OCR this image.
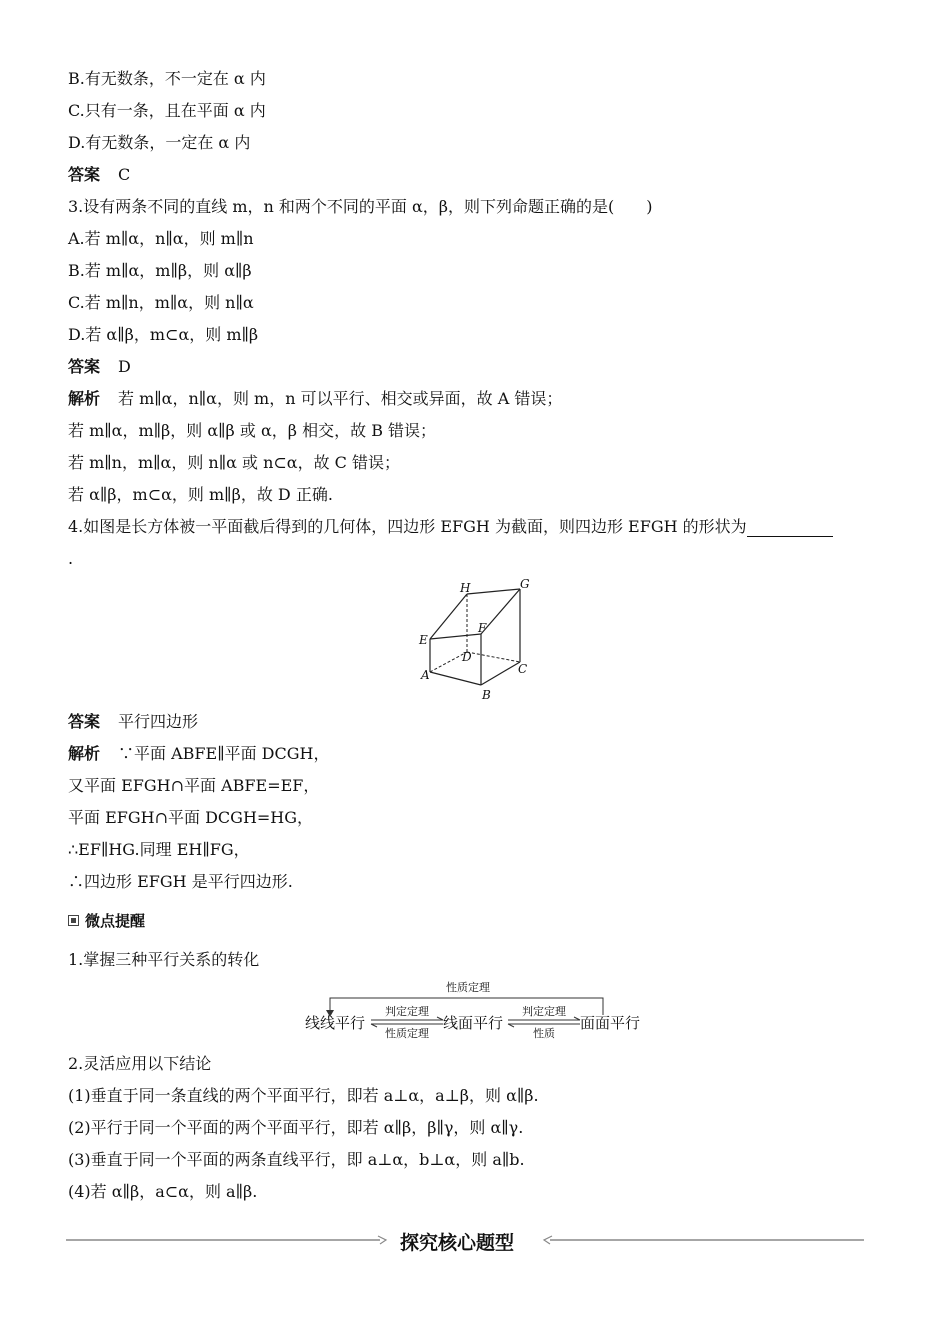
B.有无数条，不一定在 α 内
C.只有一条，且在平面 α 内
D.有无数条，一定在 α 内
答案 C
3.设有两条不同的直线 m，n 和两个不同的平面 α，β，则下列命题正确的是(　　)
A.若 m∥α，n∥α，则 m∥n
B.若 m∥α，m∥β，则 α∥β
C.若 m∥n，m∥α，则 n∥α
D.若 α∥β，m⊂α，则 m∥β
答案 D
解析 若 m∥α，n∥α，则 m，n 可以平行、相交或异面，故 A 错误；
若 m∥α，m∥β，则 α∥β 或 α，β 相交，故 B 错误；
若 m∥n，m∥α，则 n∥α 或 n⊂α，故 C 错误；
若 α∥β，m⊂α，则 m∥β，故 D 正确.
4.如图是长方体被一平面截后得到的几何体，四边形 EFGH 为截面，则四边形 EFGH 的形状为
.
H	G
E
F
D
A
B
C
答案 平行四边形
解析 ∵平面 ABFE∥平面 DCGH，
又平面 EFGH∩平面 ABFE=EF，
平面 EFGH∩平面 DCGH=HG，
∴EF∥HG.同理 EH∥FG，
∴四边形 EFGH 是平行四边形.
微点提醒
1.掌握三种平行关系的转化
性质定理
线线平行	线面平行	面面平行
判定定理
性质定理
判定定理
性质
2.灵活应用以下结论
(1)垂直于同一条直线的两个平面平行，即若 a⊥α，a⊥β，则 α∥β.
(2)平行于同一个平面的两个平面平行，即若 α∥β，β∥γ，则 α∥γ.
(3)垂直于同一个平面的两条直线平行，即 a⊥α，b⊥α，则 a∥b.
(4)若 α∥β，a⊂α，则 a∥β.
探究核心题型
